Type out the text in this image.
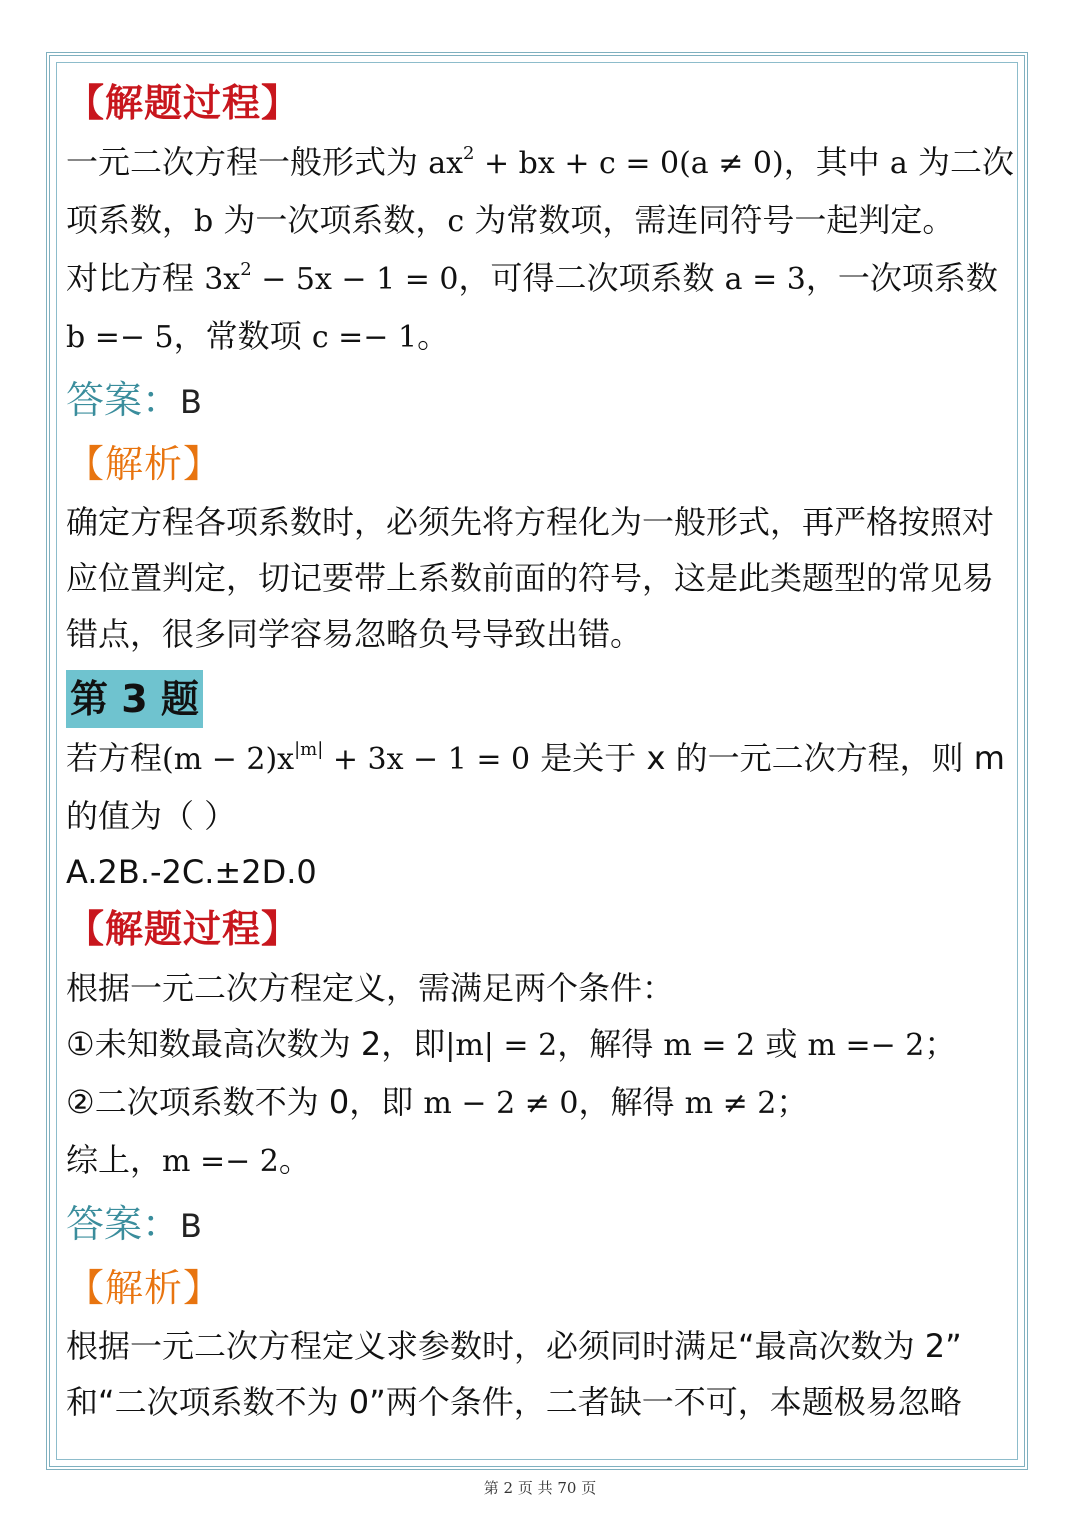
【解题过程】

一元二次方程一般形式为 $ax^2$ + bx + c = 0(a ≠ 0)，其中 a 为二次

项系数，b 为一次项系数，c 为常数项，需连同符号一起判定。

对比方程 $3x^2 - 5x - 1 = 0$，可得二次项系数 a = 3，一次项系数

b =− 5，常数项 c =− 1。

答案：B
【解析】

确定方程各项系数时，必须先将方程化为一般形式，再严格按照对

应位置判定，切记要带上系数前面的符号，这是此类题型的常见易

错点，很多同学容易忽略负号导致出错。

第 3 题

若方程$(m - 2)x^{|m|} + 3x - 1 = 0$ 是关于 x 的一元二次方程，则 m

的值为（ ）

A.2B.-2C.±2D.0

【解题过程】

根据一元二次方程定义，需满足两个条件：

①未知数最高次数为 2，即|m| = 2，解得 m = 2 或 m =− 2；

②二次项系数不为 0，即 m − 2 ≠ 0，解得 m ≠ 2；

综上，m =− 2。

答案：B
【解析】

根据一元二次方程定义求参数时，必须同时满足“最高次数为 2”

和“二次项系数不为 0”两个条件，二者缺一不可，本题极易忽略

第 2 页 共 70 页
